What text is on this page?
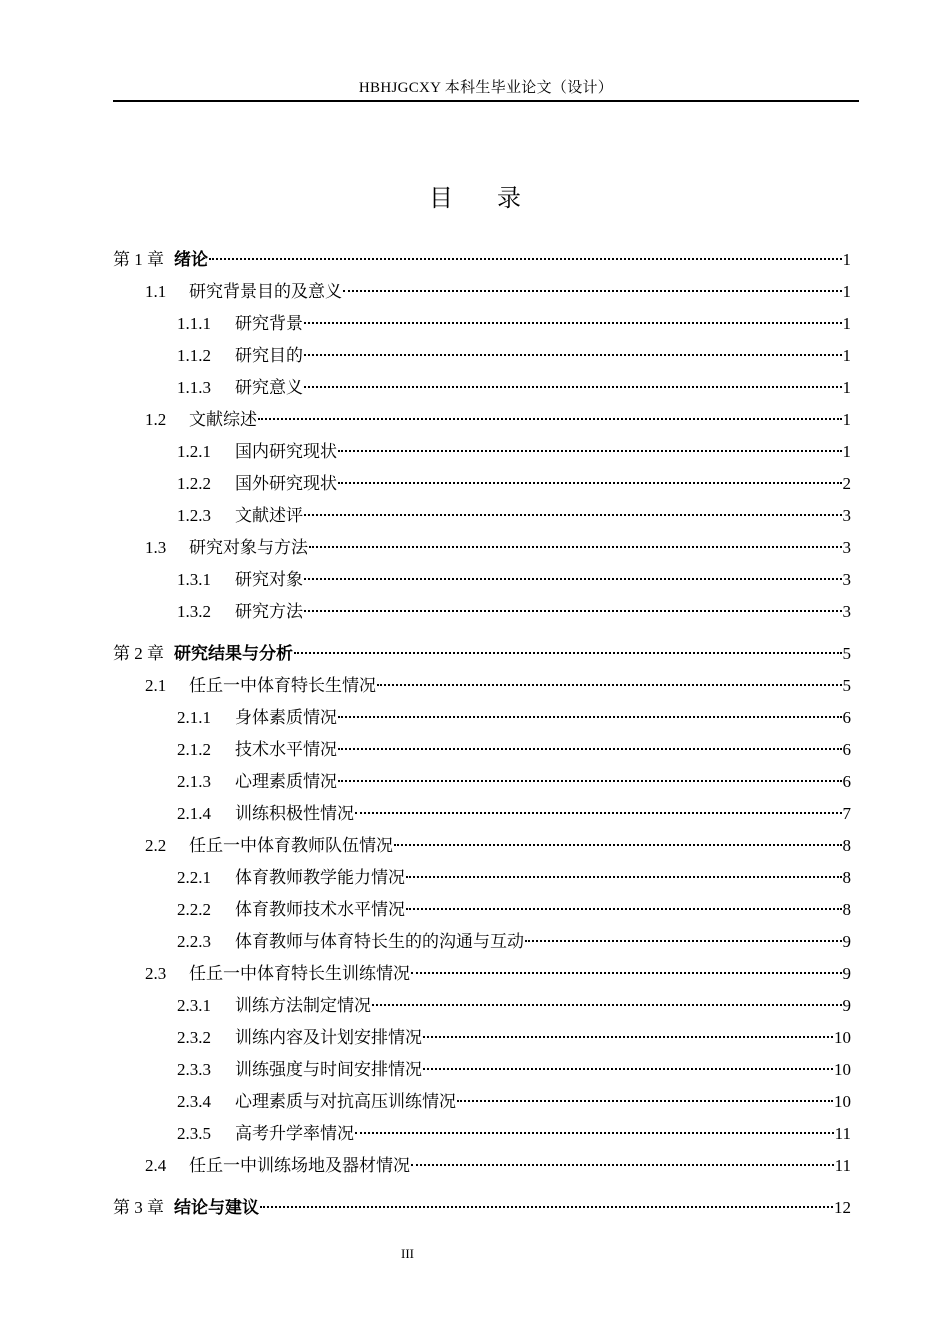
HBHJGCXY 本科生毕业论文（设计）
目 录
第 1 章 绪论	1
1.1	研究背景目的及意义	1
1.1.1	研究背景	1
1.1.2	研究目的	1
1.1.3	研究意义	1
1.2	文献综述	1
1.2.1	国内研究现状	1
1.2.2	国外研究现状	2
1.2.3	文献述评	3
1.3	研究对象与方法	3
1.3.1	研究对象	3
1.3.2	研究方法	3
第 2 章 研究结果与分析	5
2.1	任丘一中体育特长生情况	5
2.1.1	身体素质情况	6
2.1.2	技术水平情况	6
2.1.3	心理素质情况	6
2.1.4	训练积极性情况	7
2.2	任丘一中体育教师队伍情况	8
2.2.1	体育教师教学能力情况	8
2.2.2	体育教师技术水平情况	8
2.2.3	体育教师与体育特长生的的沟通与互动	9
2.3	任丘一中体育特长生训练情况	9
2.3.1	训练方法制定情况	9
2.3.2	训练内容及计划安排情况	10
2.3.3	训练强度与时间安排情况	10
2.3.4	心理素质与对抗高压训练情况	10
2.3.5	高考升学率情况	11
2.4	任丘一中训练场地及器材情况	11
第 3 章 结论与建议	12
III
